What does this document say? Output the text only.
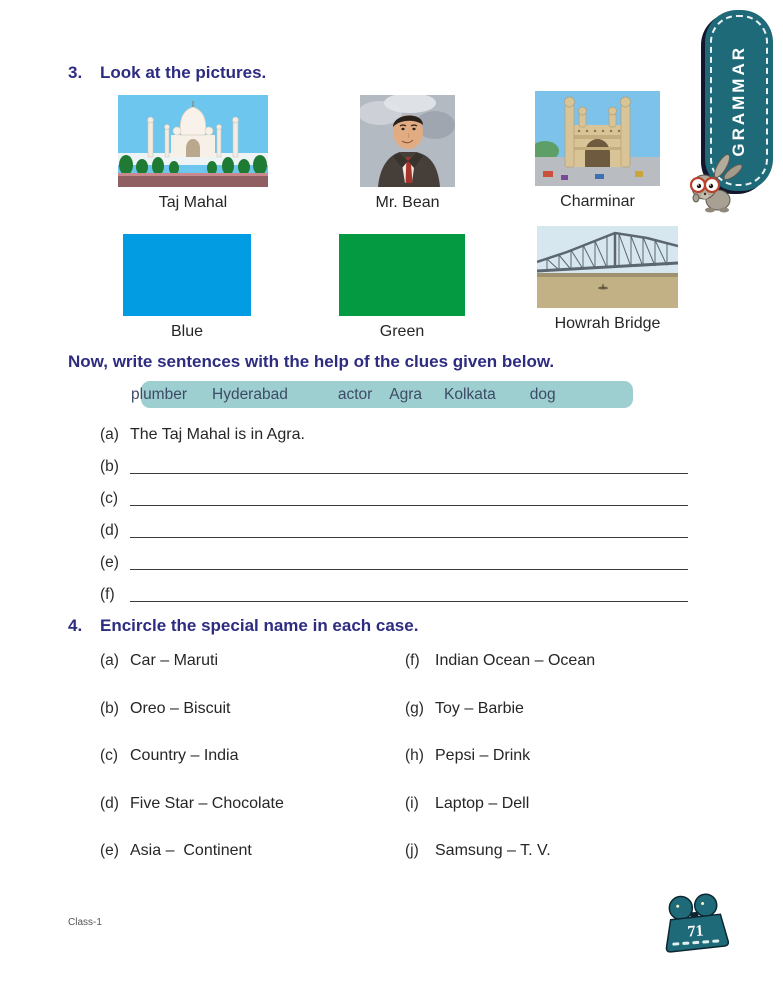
3.	Look at the pictures.
Taj Mahal	Mr. Bean	Charminar
Blue	Green	Howrah Bridge
Now, write sentences with the help of the clues given below.
plumber Hyderabad	actor Agra Kolkata dog
(a) The Taj Mahal is in Agra.
(b)
(c)
(d)
(e)
(f)
4.	Encircle the special name in each case.
(a) Car – Maruti
(b) Oreo – Biscuit
(c) Country – India
(d) Five Star – Chocolate
(e) Asia –  Continent
(f) Indian Ocean – Ocean
(g) Toy – Barbie
(h) Pepsi – Drink
(i)	Laptop – Dell
(j)	Samsung – T. V.
GRAMMAR
Class-1
71
